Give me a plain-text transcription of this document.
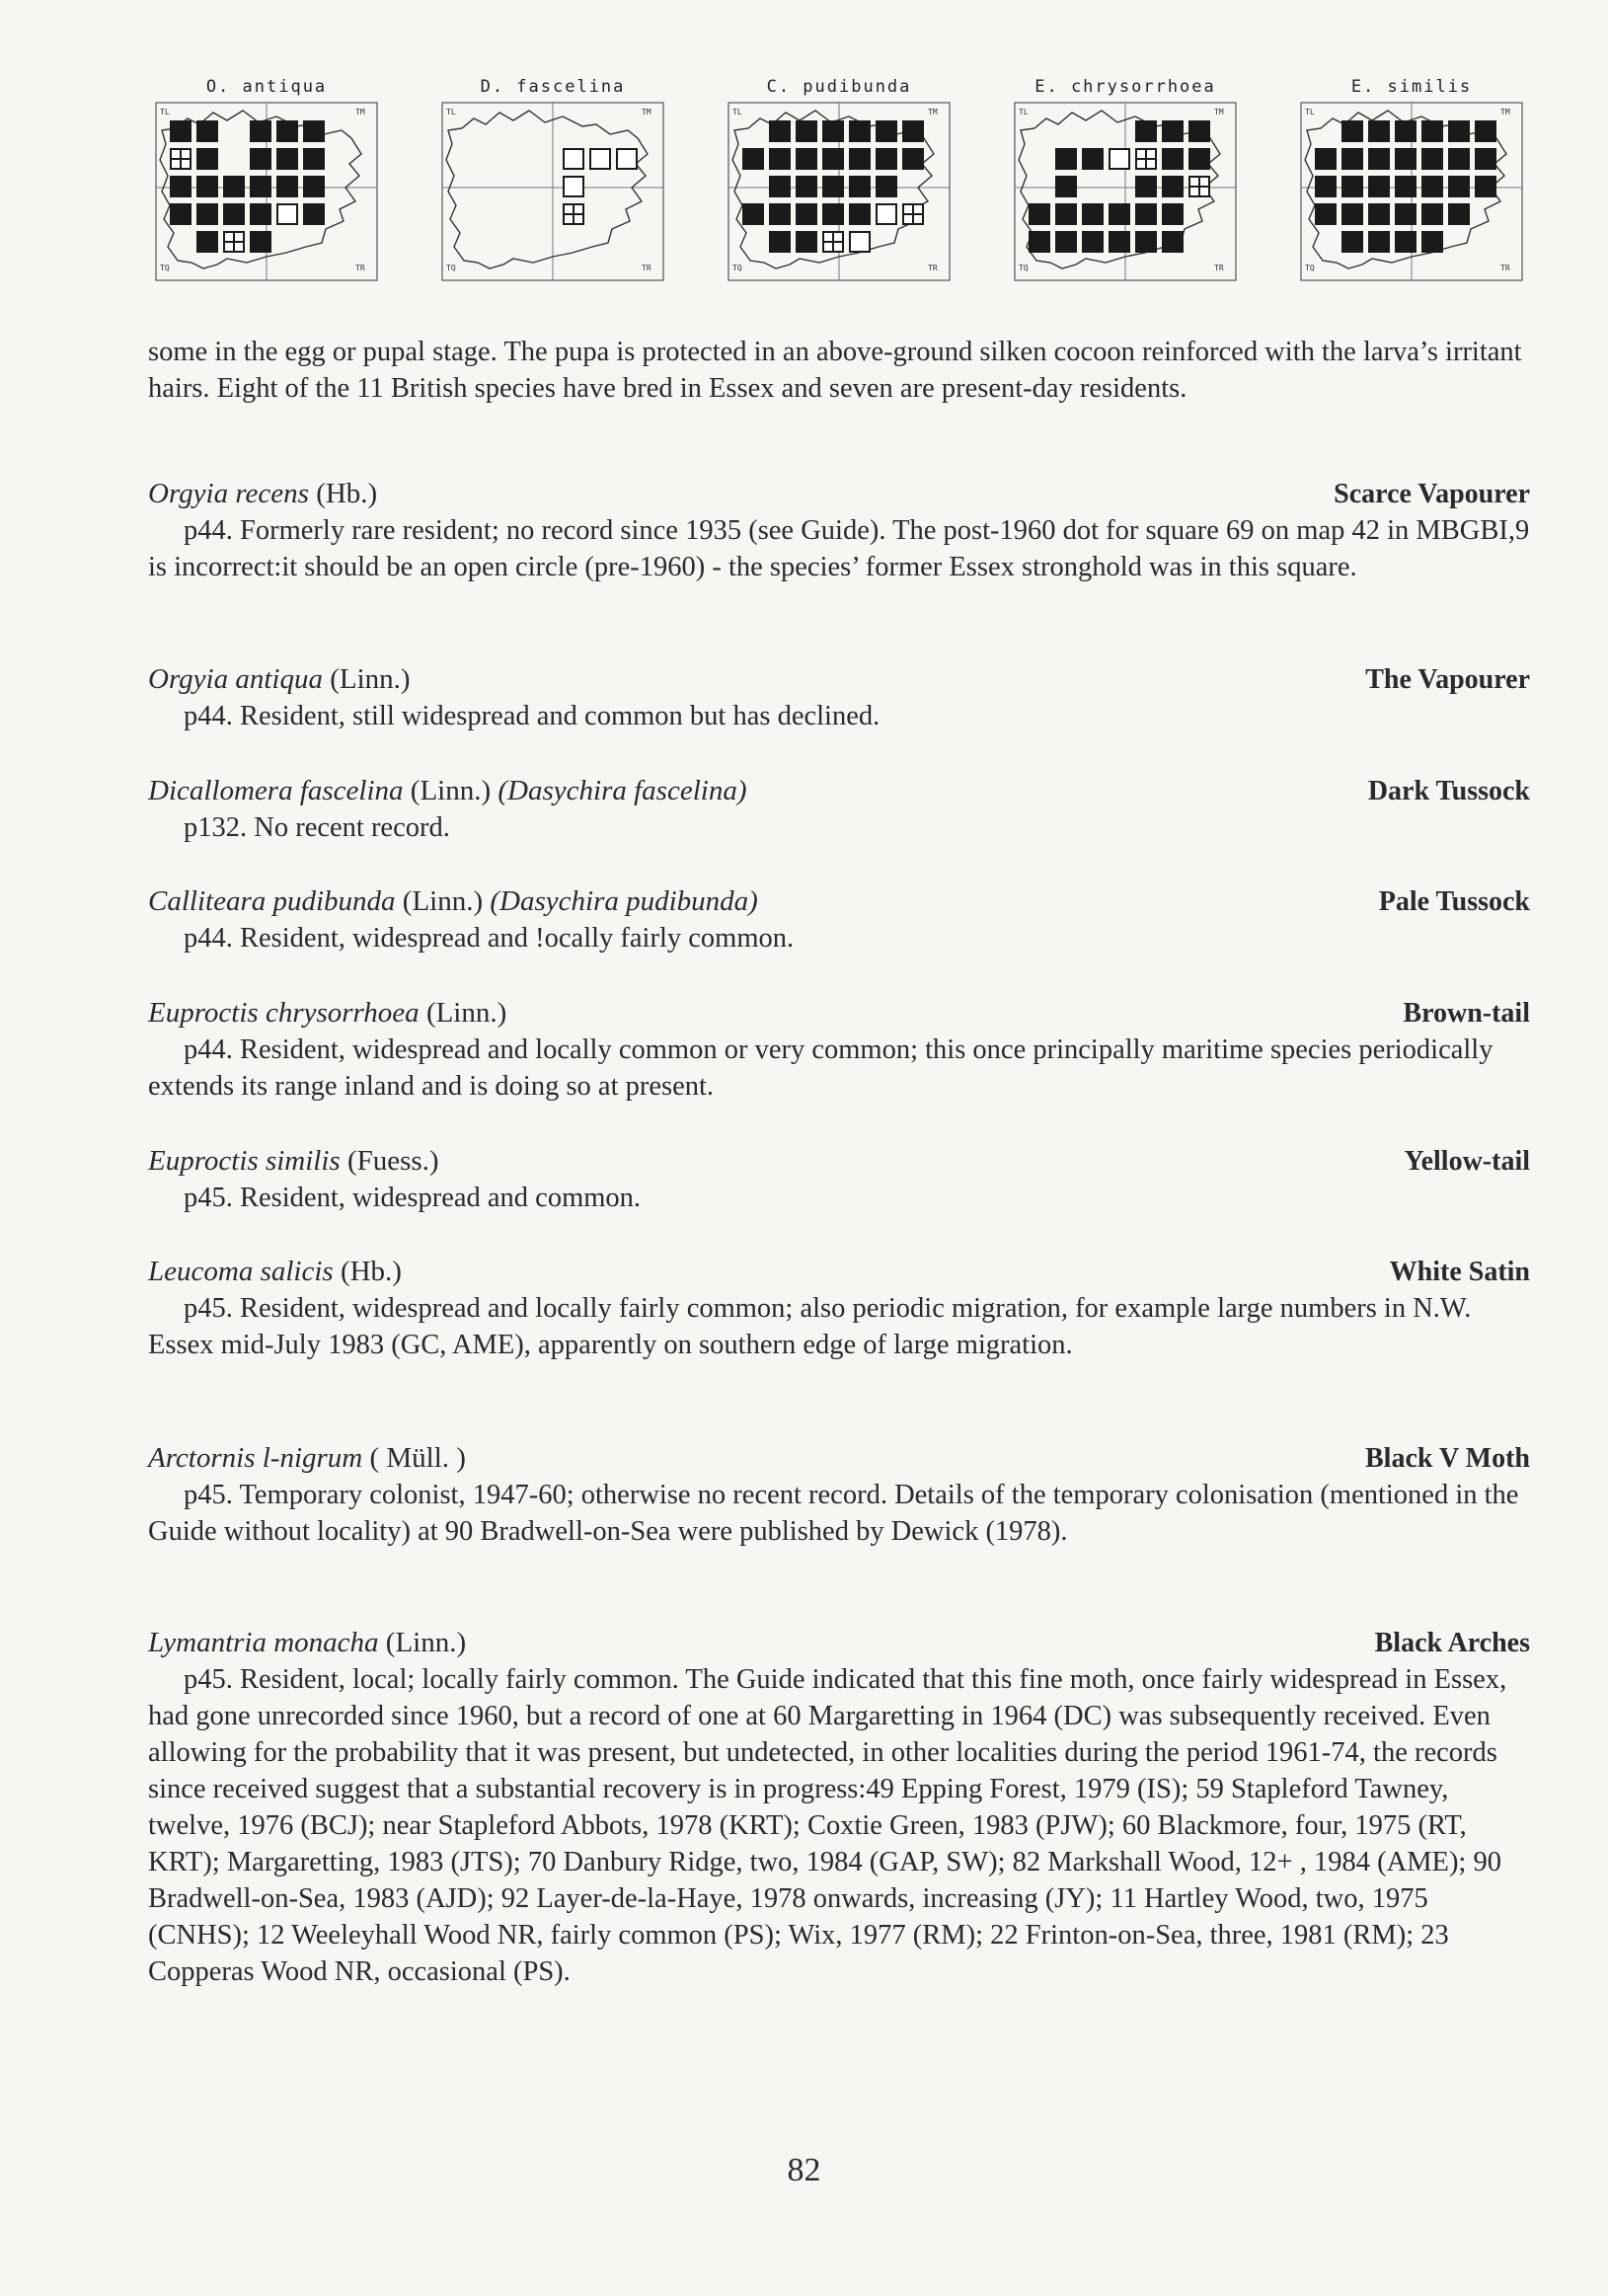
O. antiqua
TL	TM
TQ	TR
D. fascelina
TL	TM
TQ	TR
C. pudibunda
TL	TM
TQ	TR
E. chrysorrhoea
TL	TM
TQ	TR
E. similis
TL	TM
TQ	TR

some in the egg or pupal stage. The pupa is protected in an above-ground silken cocoon reinforced with the larva’s irritant hairs. Eight of the 11 British species have bred in Essex and seven are present-day residents.

Orgyia recens (Hb.)	Scarce Vapourer

p44. Formerly rare resident; no record since 1935 (see Guide). The post-1960 dot for square 69 on map 42 in MBGBI,9 is incorrect:it should be an open circle (pre-1960) - the species’ former Essex stronghold was in this square.

Orgyia antiqua (Linn.)	The Vapourer

p44. Resident, still widespread and common but has declined.

Dicallomera fascelina (Linn.) (Dasychira fascelina)	Dark Tussock

p132. No recent record.

Calliteara pudibunda (Linn.) (Dasychira pudibunda)	Pale Tussock

p44. Resident, widespread and !ocally fairly common.

Euproctis chrysorrhoea (Linn.)	Brown-tail

p44. Resident, widespread and locally common or very common; this once principally maritime species periodically extends its range inland and is doing so at present.

Euproctis similis (Fuess.)	Yellow-tail

p45. Resident, widespread and common.

Leucoma salicis (Hb.)	White Satin

p45. Resident, widespread and locally fairly common; also periodic migration, for example large numbers in N.W. Essex mid-July 1983 (GC, AME), apparently on southern edge of large migration.

Arctornis l-nigrum ( Müll. )	Black V Moth

p45. Temporary colonist, 1947-60; otherwise no recent record. Details of the temporary colonisation (mentioned in the Guide without locality) at 90 Bradwell-on-Sea were published by Dewick (1978).

Lymantria monacha (Linn.)	Black Arches

p45. Resident, local; locally fairly common. The Guide indicated that this fine moth, once fairly widespread in Essex, had gone unrecorded since 1960, but a record of one at 60 Margaretting in 1964 (DC) was subsequently received. Even allowing for the probability that it was present, but undetected, in other localities during the period 1961-74, the records since received suggest that a substantial recovery is in progress:49 Epping Forest, 1979 (IS); 59 Stapleford Tawney, twelve, 1976 (BCJ); near Stapleford Abbots, 1978 (KRT); Coxtie Green, 1983 (PJW); 60 Blackmore, four, 1975 (RT, KRT); Margaretting, 1983 (JTS); 70 Danbury Ridge, two, 1984 (GAP, SW); 82 Markshall Wood, 12+ , 1984 (AME); 90 Bradwell-on-Sea, 1983 (AJD); 92 Layer-de-la-Haye, 1978 onwards, increasing (JY); 11 Hartley Wood, two, 1975 (CNHS); 12 Weeleyhall Wood NR, fairly common (PS); Wix, 1977 (RM); 22 Frinton-on-Sea, three, 1981 (RM); 23 Copperas Wood NR, occasional (PS).

82
